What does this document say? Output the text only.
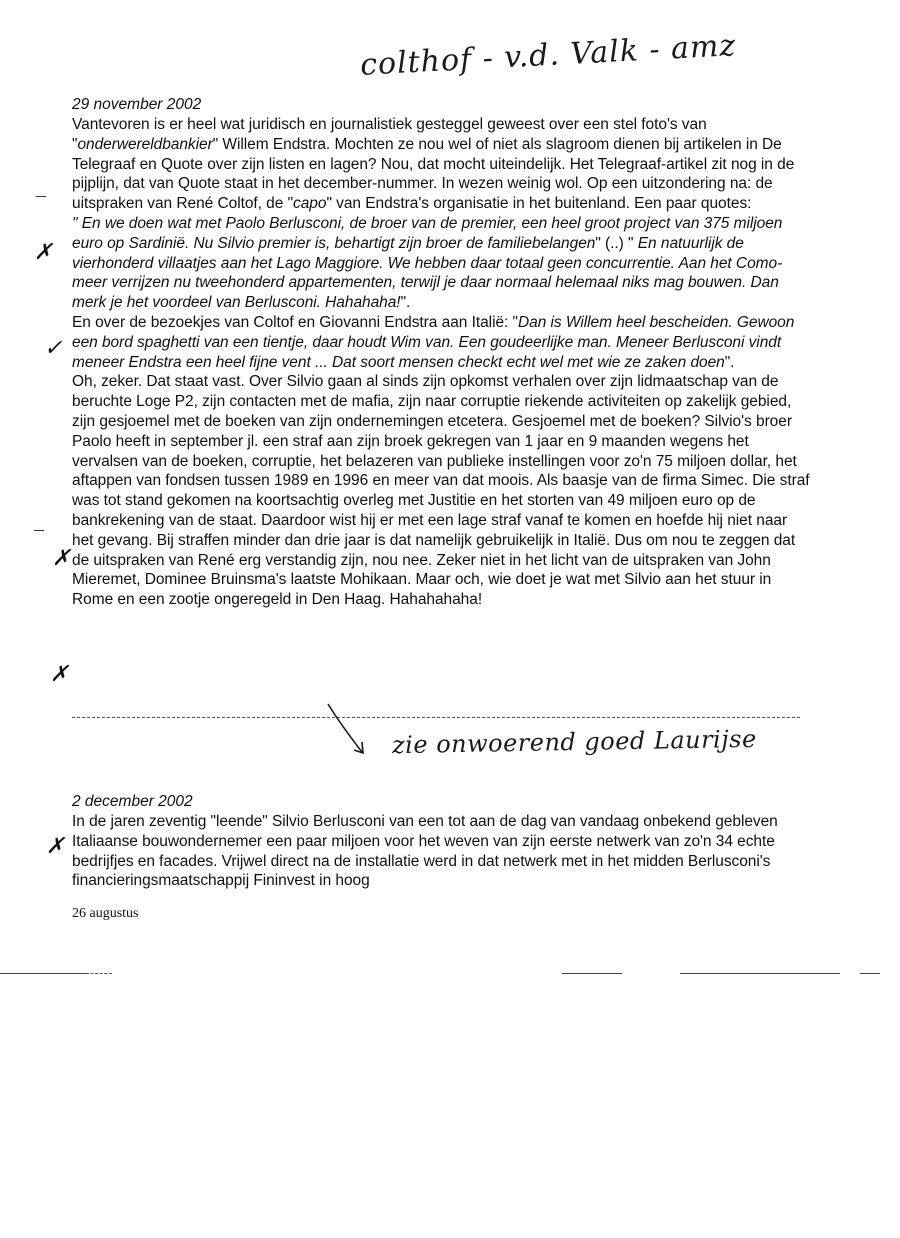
colthof - v.d. Valk - amz
✗
✓
✗
✗
✗
29 november 2002
Vantevoren is er heel wat juridisch en journalistiek gesteggel geweest over een stel foto's van "onderwereldbankier" Willem Endstra. Mochten ze nou wel of niet als slagroom dienen bij artikelen in De Telegraaf en Quote over zijn listen en lagen? Nou, dat mocht uiteindelijk. Het Telegraaf-artikel zit nog in de pijplijn, dat van Quote staat in het december-nummer. In wezen weinig wol. Op een uitzondering na: de uitspraken van René Coltof, de "capo" van Endstra's organisatie in het buitenland. Een paar quotes:
" En we doen wat met Paolo Berlusconi, de broer van de premier, een heel groot project van 375 miljoen euro op Sardinië. Nu Silvio premier is, behartigt zijn broer de familiebelangen" (..) " En natuurlijk de vierhonderd villaatjes aan het Lago Maggiore. We hebben daar totaal geen concurrentie. Aan het Como-meer verrijzen nu tweehonderd appartementen, terwijl je daar normaal helemaal niks mag bouwen. Dan merk je het voordeel van Berlusconi. Hahahaha!".
En over de bezoekjes van Coltof en Giovanni Endstra aan Italië: "Dan is Willem heel bescheiden. Gewoon een bord spaghetti van een tientje, daar houdt Wim van. Een goudeerlijke man. Meneer Berlusconi vindt meneer Endstra een heel fijne vent ... Dat soort mensen checkt echt wel met wie ze zaken doen".
Oh, zeker. Dat staat vast. Over Silvio gaan al sinds zijn opkomst verhalen over zijn lidmaatschap van de beruchte Loge P2, zijn contacten met de mafia, zijn naar corruptie riekende activiteiten op zakelijk gebied, zijn gesjoemel met de boeken van zijn ondernemingen etcetera. Gesjoemel met de boeken? Silvio's broer Paolo heeft in september jl. een straf aan zijn broek gekregen van 1 jaar en 9 maanden wegens het vervalsen van de boeken, corruptie, het belazeren van publieke instellingen voor zo'n 75 miljoen dollar, het aftappen van fondsen tussen 1989 en 1996 en meer van dat moois. Als baasje van de firma Simec. Die straf was tot stand gekomen na koortsachtig overleg met Justitie en het storten van 49 miljoen euro op de bankrekening van de staat. Daardoor wist hij er met een lage straf vanaf te komen en hoefde hij niet naar het gevang. Bij straffen minder dan drie jaar is dat namelijk gebruikelijk in Italië. Dus om nou te zeggen dat de uitspraken van René erg verstandig zijn, nou nee. Zeker niet in het licht van de uitspraken van John Mieremet, Dominee Bruinsma's laatste Mohikaan. Maar och, wie doet je wat met Silvio aan het stuur in Rome en een zootje ongeregeld in Den Haag. Hahahahaha!
zie onwoerend goed Laurijse
2 december 2002
In de jaren zeventig "leende" Silvio Berlusconi van een tot aan de dag van vandaag onbekend gebleven Italiaanse bouwondernemer een paar miljoen voor het weven van zijn eerste netwerk van zo'n 34 echte bedrijfjes en facades. Vrijwel direct na de installatie werd in dat netwerk met in het midden Berlusconi's financieringsmaatschappij Fininvest in hoog
26 augustus
